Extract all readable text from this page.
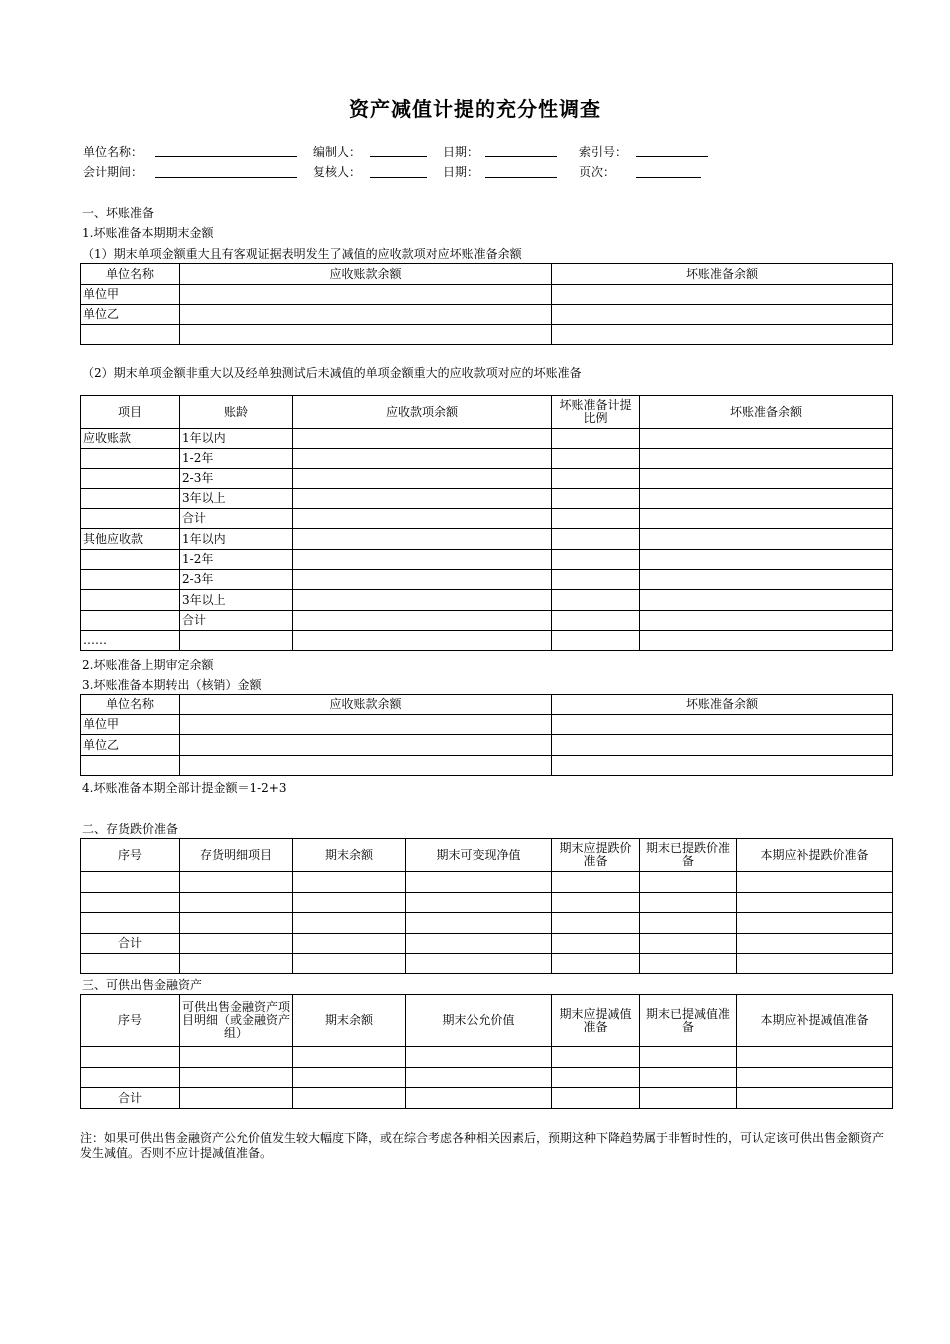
资产减值计提的充分性调查
单位名称：	编制人：	日期：	索引号：
会计期间：	复核人：	日期：	页次：
一、坏账准备
1.坏账准备本期期末金额
（1）期末单项金额重大且有客观证据表明发生了减值的应收款项对应坏账准备余额
单位名称	应收账款余额	坏账准备余额
单位甲		
单位乙		

（2）期末单项金额非重大以及经单独测试后未减值的单项金额重大的应收款项对应的坏账准备
项目	账龄	应收款项余额	坏账准备计提比例	坏账准备余额
应收账款	1年以内			
	1-2年			
	2-3年			
	3年以上			
	合计			
其他应收款	1年以内			
	1-2年			
	2-3年			
	3年以上			
	合计			
……				
2.坏账准备上期审定余额
3.坏账准备本期转出（核销）金额
单位名称	应收账款余额	坏账准备余额
单位甲		
单位乙		

4.坏账准备本期全部计提金额＝1-2+3
二、存货跌价准备
序号	存货明细项目	期末余额	期末可变现净值	期末应提跌价准备	期末已提跌价准备	本期应补提跌价准备

合计						

三、可供出售金融资产
序号	可供出售金融资产项目明细（或金融资产组）	期末余额	期末公允价值	期末应提减值准备	期末已提减值准备	本期应补提减值准备

合计						
注：如果可供出售金融资产公允价值发生较大幅度下降，或在综合考虑各种相关因素后，预期这种下降趋势属于非暂时性的，可认定该可供出售金额资产发生减值。否则不应计提减值准备。
